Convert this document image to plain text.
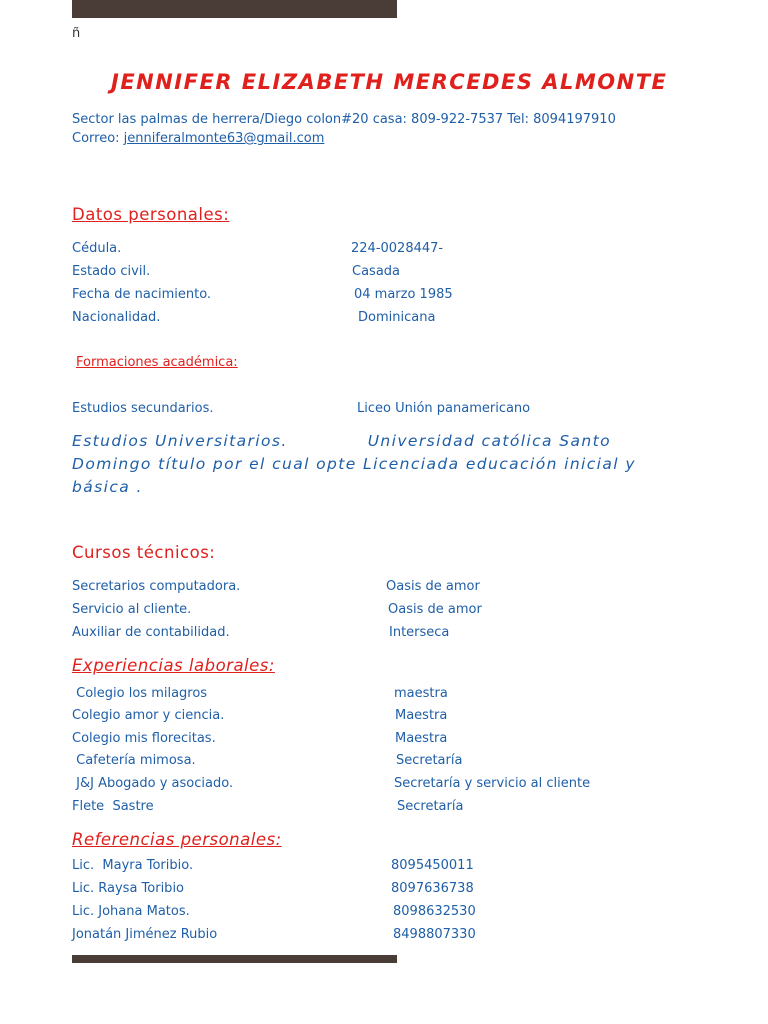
ñ
JENNIFER ELIZABETH MERCEDES ALMONTE
Sector las palmas de herrera/Diego colon#20 casa: 809-922-7537 Tel: 8094197910
Correo: jenniferalmonte63@gmail.com
Datos personales:
Cédula.	224-0028447-
Estado civil.	Casada
Fecha de nacimiento.	04 marzo 1985
Nacionalidad.	Dominicana
Formaciones académica:
Estudios secundarios.	Liceo Unión panamericano
Estudios Universitarios.	Universidad católica Santo Domingo título por el cual opte Licenciada educación inicial y básica .
Cursos técnicos:
Secretarios computadora.	Oasis de amor
Servicio al cliente.	Oasis de amor
Auxiliar de contabilidad.	Interseca
Experiencias laborales:
Colegio los milagros	maestra
Colegio amor y ciencia.	Maestra
Colegio mis florecitas.	Maestra
Cafetería mimosa.	Secretaría
J&J Abogado y asociado.	Secretaría y servicio al cliente
Flete  Sastre	Secretaría
Referencias personales:
Lic.  Mayra Toribio.	8095450011
Lic. Raysa Toribio	8097636738
Lic. Johana Matos.	8098632530
Jonatán Jiménez Rubio	8498807330
